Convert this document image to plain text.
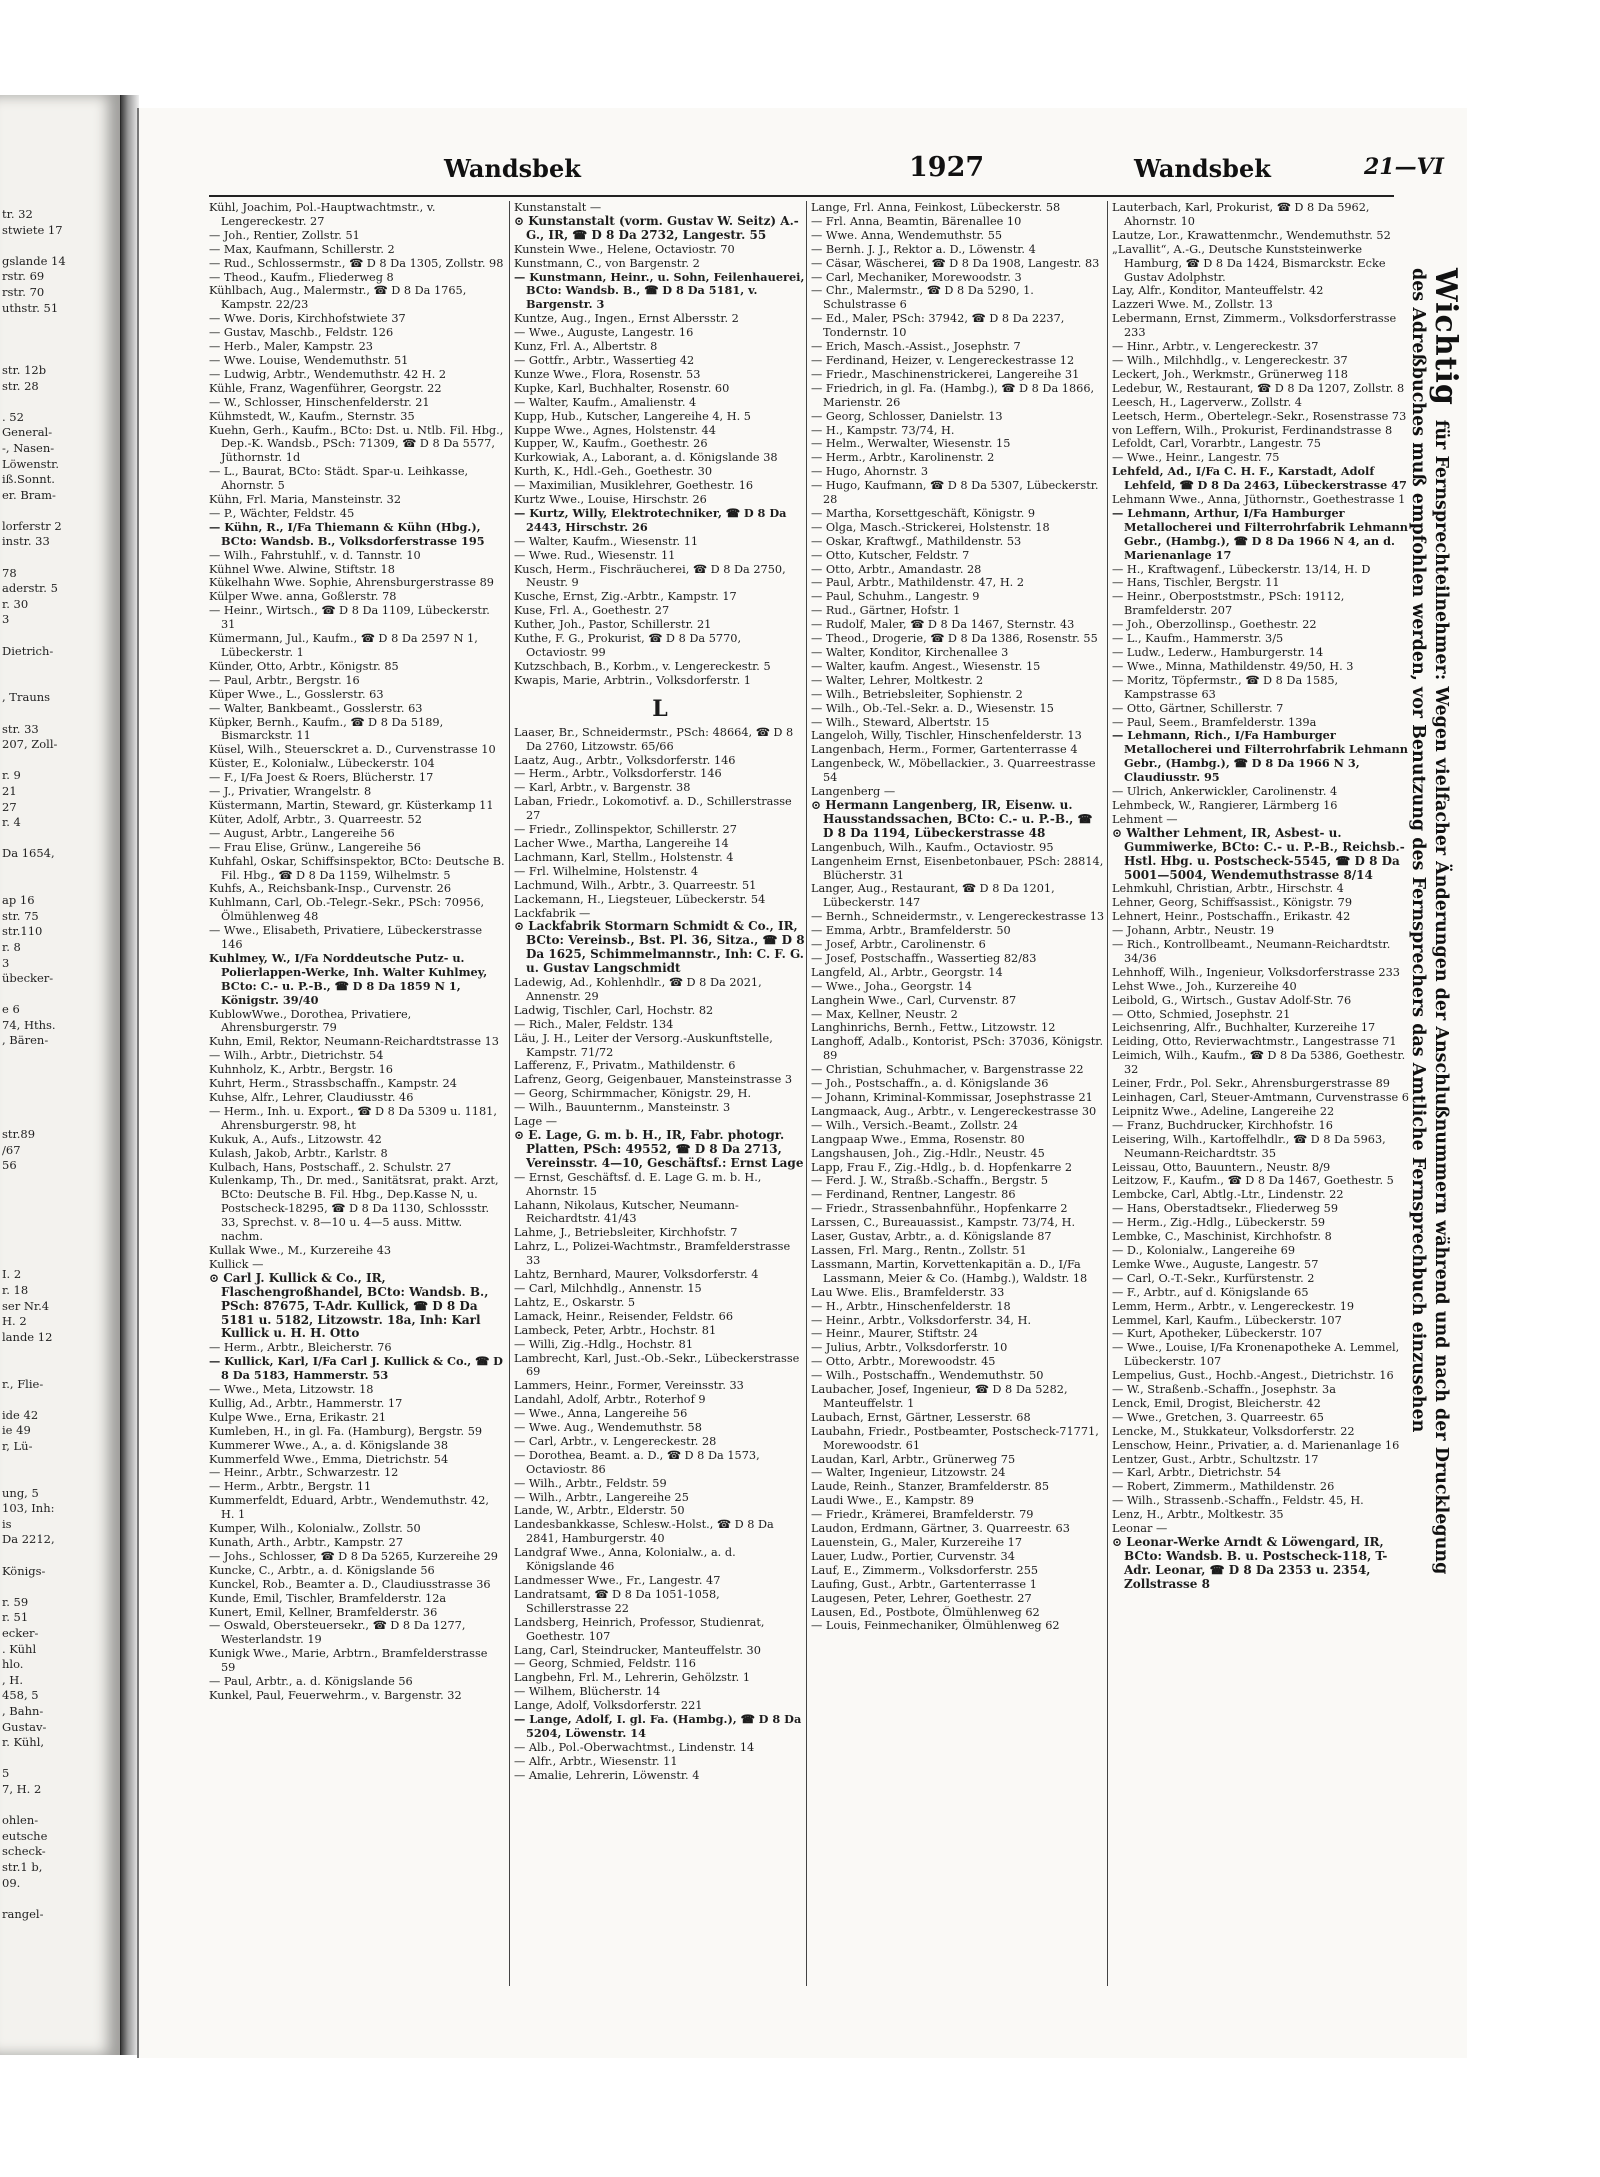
tr. 32
stwiete 17

gslande 14
rstr. 69
rstr. 70
uthstr. 51

str. 12b
str. 28

. 52
General-
-, Nasen-
Löwenstr.
iß.Sonnt.
er. Bram-

lorferstr 2
instr. 33

78
aderstr. 5
r. 30
3

Dietrich-

, Trauns

str. 33
207, Zoll-

r. 9
21
27
r. 4

Da 1654,

ap 16
str. 75
str.110
r. 8
3
übecker-

e 6
74, Hths.
, Bären-

str.89
/67
56

I. 2
r. 18
ser Nr.4
H. 2
lande 12

r., Flie-

ide 42
ie 49
r, Lü-

ung, 5
103, Inh:
is
Da 2212,

Königs-

r. 59
r. 51
ecker-
. Kühl
hlo.
, H.
458, 5
, Bahn-
Gustav-
r. Kühl,

5
7, H. 2

ohlen-
eutsche
scheck-
str.1 b,
09.

rangel-
Wandsbek	1927	Wandsbek	21—VI
Kühl, Joachim, Pol.-Hauptwachtmstr., v. Lengereckestr. 27
— Joh., Rentier, Zollstr. 51
— Max, Kaufmann, Schillerstr. 2
— Rud., Schlossermstr., ☎ D 8 Da 1305, Zollstr. 98
— Theod., Kaufm., Fliederweg 8
Kühlbach, Aug., Malermstr., ☎ D 8 Da 1765, Kampstr. 22/23
— Wwe. Doris, Kirchhofstwiete 37
— Gustav, Maschb., Feldstr. 126
— Herb., Maler, Kampstr. 23
— Wwe. Louise, Wendemuthstr. 51
— Ludwig, Arbtr., Wendemuthstr. 42 H. 2
Kühle, Franz, Wagenführer, Georgstr. 22
— W., Schlosser, Hinschenfelderstr. 21
Kühmstedt, W., Kaufm., Sternstr. 35
Kuehn, Gerh., Kaufm., BCto: Dst. u. Ntlb. Fil. Hbg., Dep.-K. Wandsb., PSch: 71309, ☎ D 8 Da 5577, Jüthornstr. 1d
— L., Baurat, BCto: Städt. Spar-u. Leihkasse, Ahornstr. 5
Kühn, Frl. Maria, Mansteinstr. 32
— P., Wächter, Feldstr. 45
— Kühn, R., I/Fa Thiemann & Kühn (Hbg.), BCto: Wandsb. B., Volksdorferstrasse 195
— Wilh., Fahrstuhlf., v. d. Tannstr. 10
Kühnel Wwe. Alwine, Stiftstr. 18
Kükelhahn Wwe. Sophie, Ahrensburgerstrasse 89
Külper Wwe. anna, Goßlerstr. 78
— Heinr., Wirtsch., ☎ D 8 Da 1109, Lübeckerstr. 31
Kümermann, Jul., Kaufm., ☎ D 8 Da 2597 N 1, Lübeckerstr. 1
Künder, Otto, Arbtr., Königstr. 85
— Paul, Arbtr., Bergstr. 16
Küper Wwe., L., Gosslerstr. 63
— Walter, Bankbeamt., Gosslerstr. 63
Küpker, Bernh., Kaufm., ☎ D 8 Da 5189, Bismarckstr. 11
Küsel, Wilh., Steuersckret a. D., Curvenstrasse 10
Küster, E., Kolonialw., Lübeckerstr. 104
— F., I/Fa Joest & Roers, Blücherstr. 17
— J., Privatier, Wrangelstr. 8
Küstermann, Martin, Steward, gr. Küsterkamp 11
Küter, Adolf, Arbtr., 3. Quarreestr. 52
— August, Arbtr., Langereihe 56
— Frau Elise, Grünw., Langereihe 56
Kuhfahl, Oskar, Schiffsinspektor, BCto: Deutsche B. Fil. Hbg., ☎ D 8 Da 1159, Wilhelmstr. 5
Kuhfs, A., Reichsbank-Insp., Curvenstr. 26
Kuhlmann, Carl, Ob.-Telegr.-Sekr., PSch: 70956, Ölmühlenweg 48
— Wwe., Elisabeth, Privatiere, Lübeckerstrasse 146
Kuhlmey, W., I/Fa Norddeutsche Putz- u. Polierlappen-Werke, Inh. Walter Kuhlmey, BCto: C.- u. P.-B., ☎ D 8 Da 1859 N 1, Königstr. 39/40
KublowWwe., Dorothea, Privatiere, Ahrensburgerstr. 79
Kuhn, Emil, Rektor, Neumann-Reichardtstrasse 13
— Wilh., Arbtr., Dietrichstr. 54
Kuhnholz, K., Arbtr., Bergstr. 16
Kuhrt, Herm., Strassbschaffn., Kampstr. 24
Kuhse, Alfr., Lehrer, Claudiusstr. 46
— Herm., Inh. u. Export., ☎ D 8 Da 5309 u. 1181, Ahrensburgerstr. 98, ht
Kukuk, A., Aufs., Litzowstr. 42
Kulash, Jakob, Arbtr., Karlstr. 8
Kulbach, Hans, Postschaff., 2. Schulstr. 27
Kulenkamp, Th., Dr. med., Sanitätsrat, prakt. Arzt, BCto: Deutsche B. Fil. Hbg., Dep.Kasse N, u. Postscheck-18295, ☎ D 8 Da 1130, Schlossstr. 33, Sprechst. v. 8—10 u. 4—5 auss. Mittw. nachm.
Kullak Wwe., M., Kurzereihe 43
Kullick —
⊙ Carl J. Kullick & Co., IR, Flaschengroßhandel, BCto: Wandsb. B., PSch: 87675, T-Adr. Kullick, ☎ D 8 Da 5181 u. 5182, Litzowstr. 18a, Inh: Karl Kullick u. H. H. Otto
— Herm., Arbtr., Bleicherstr. 76
— Kullick, Karl, I/Fa Carl J. Kullick & Co., ☎ D 8 Da 5183, Hammerstr. 53
— Wwe., Meta, Litzowstr. 18
Kullig, Ad., Arbtr., Hammerstr. 17
Kulpe Wwe., Erna, Erikastr. 21
Kumleben, H., in gl. Fa. (Hamburg), Bergstr. 59
Kummerer Wwe., A., a. d. Königslande 38
Kummerfeld Wwe., Emma, Dietrichstr. 54
— Heinr., Arbtr., Schwarzestr. 12
— Herm., Arbtr., Bergstr. 11
Kummerfeldt, Eduard, Arbtr., Wendemuthstr. 42, H. 1
Kumper, Wilh., Kolonialw., Zollstr. 50
Kunath, Arth., Arbtr., Kampstr. 27
— Johs., Schlosser, ☎ D 8 Da 5265, Kurzereihe 29
Kuncke, C., Arbtr., a. d. Königslande 56
Kunckel, Rob., Beamter a. D., Claudiusstrasse 36
Kunde, Emil, Tischler, Bramfelderstr. 12a
Kunert, Emil, Kellner, Bramfelderstr. 36
— Oswald, Obersteuersekr., ☎ D 8 Da 1277, Westerlandstr. 19
Kunigk Wwe., Marie, Arbtrn., Bramfelderstrasse 59
— Paul, Arbtr., a. d. Königslande 56
Kunkel, Paul, Feuerwehrm., v. Bargenstr. 32
Kunstanstalt —
⊙ Kunstanstalt (vorm. Gustav W. Seitz) A.-G., IR, ☎ D 8 Da 2732, Langestr. 55
Kunstein Wwe., Helene, Octaviostr. 70
Kunstmann, C., von Bargenstr. 2
— Kunstmann, Heinr., u. Sohn, Feilenhauerei, BCto: Wandsb. B., ☎ D 8 Da 5181, v. Bargenstr. 3
Kuntze, Aug., Ingen., Ernst Albersstr. 2
— Wwe., Auguste, Langestr. 16
Kunz, Frl. A., Albertstr. 8
— Gottfr., Arbtr., Wassertieg 42
Kunze Wwe., Flora, Rosenstr. 53
Kupke, Karl, Buchhalter, Rosenstr. 60
— Walter, Kaufm., Amalienstr. 4
Kupp, Hub., Kutscher, Langereihe 4, H. 5
Kuppe Wwe., Agnes, Holstenstr. 44
Kupper, W., Kaufm., Goethestr. 26
Kurkowiak, A., Laborant, a. d. Königslande 38
Kurth, K., Hdl.-Geh., Goethestr. 30
— Maximilian, Musiklehrer, Goethestr. 16
Kurtz Wwe., Louise, Hirschstr. 26
— Kurtz, Willy, Elektrotechniker, ☎ D 8 Da 2443, Hirschstr. 26
— Walter, Kaufm., Wiesenstr. 11
— Wwe. Rud., Wiesenstr. 11
Kusch, Herm., Fischräucherei, ☎ D 8 Da 2750, Neustr. 9
Kusche, Ernst, Zig.-Arbtr., Kampstr. 17
Kuse, Frl. A., Goethestr. 27
Kuther, Joh., Pastor, Schillerstr. 21
Kuthe, F. G., Prokurist, ☎ D 8 Da 5770, Octaviostr. 99
Kutzschbach, B., Korbm., v. Lengereckestr. 5
Kwapis, Marie, Arbtrin., Volksdorferstr. 1
L
Laaser, Br., Schneidermstr., PSch: 48664, ☎ D 8 Da 2760, Litzowstr. 65/66
Laatz, Aug., Arbtr., Volksdorferstr. 146
— Herm., Arbtr., Volksdorferstr. 146
— Karl, Arbtr., v. Bargenstr. 38
Laban, Friedr., Lokomotivf. a. D., Schillerstrasse 27
— Friedr., Zollinspektor, Schillerstr. 27
Lacher Wwe., Martha, Langereihe 14
Lachmann, Karl, Stellm., Holstenstr. 4
— Frl. Wilhelmine, Holstenstr. 4
Lachmund, Wilh., Arbtr., 3. Quarreestr. 51
Lackemann, H., Liegsteuer, Lübeckerstr. 54
Lackfabrik —
⊙ Lackfabrik Stormarn Schmidt & Co., IR, BCto: Vereinsb., Bst. Pl. 36, Sitza., ☎ D 8 Da 1625, Schimmelmannstr., Inh: C. F. G. u. Gustav Langschmidt
Ladewig, Ad., Kohlenhdlr., ☎ D 8 Da 2021, Annenstr. 29
Ladwig, Tischler, Carl, Hochstr. 82
— Rich., Maler, Feldstr. 134
Läu, J. H., Leiter der Versorg.-Auskunftstelle, Kampstr. 71/72
Lafferenz, F., Privatm., Mathildenstr. 6
Lafrenz, Georg, Geigenbauer, Mansteinstrasse 3
— Georg, Schirmmacher, Königstr. 29, H.
— Wilh., Bauunternm., Mansteinstr. 3
Lage —
⊙ E. Lage, G. m. b. H., IR, Fabr. photogr. Platten, PSch: 49552, ☎ D 8 Da 2713, Vereinsstr. 4—10, Geschäftsf.: Ernst Lage
— Ernst, Geschäftsf. d. E. Lage G. m. b. H., Ahornstr. 15
Lahann, Nikolaus, Kutscher, Neumann-Reichardtstr. 41/43
Lahme, J., Betriebsleiter, Kirchhofstr. 7
Lahrz, L., Polizei-Wachtmstr., Bramfelderstrasse 33
Lahtz, Bernhard, Maurer, Volksdorferstr. 4
— Carl, Milchhdlg., Annenstr. 15
Lahtz, E., Oskarstr. 5
Lamack, Heinr., Reisender, Feldstr. 66
Lambeck, Peter, Arbtr., Hochstr. 81
— Willi, Zig.-Hdlg., Hochstr. 81
Lambrecht, Karl, Just.-Ob.-Sekr., Lübeckerstrasse 69
Lammers, Heinr., Former, Vereinsstr. 33
Landahl, Adolf, Arbtr., Roterhof 9
— Wwe., Anna, Langereihe 56
— Wwe. Aug., Wendemuthstr. 58
— Carl, Arbtr., v. Lengereckestr. 28
— Dorothea, Beamt. a. D., ☎ D 8 Da 1573, Octaviostr. 86
— Wilh., Arbtr., Feldstr. 59
— Wilh., Arbtr., Langereihe 25
Lande, W., Arbtr., Elderstr. 50
Landesbankkasse, Schlesw.-Holst., ☎ D 8 Da 2841, Hamburgerstr. 40
Landgraf Wwe., Anna, Kolonialw., a. d. Königslande 46
Landmesser Wwe., Fr., Langestr. 47
Landratsamt, ☎ D 8 Da 1051-1058, Schillerstrasse 22
Landsberg, Heinrich, Professor, Studienrat, Goethestr. 107
Lang, Carl, Steindrucker, Manteuffelstr. 30
— Georg, Schmied, Feldstr. 116
Langbehn, Frl. M., Lehrerin, Gehölzstr. 1
— Wilhem, Blücherstr. 14
Lange, Adolf, Volksdorferstr. 221
— Lange, Adolf, I. gl. Fa. (Hambg.), ☎ D 8 Da 5204, Löwenstr. 14
— Alb., Pol.-Oberwachtmst., Lindenstr. 14
— Alfr., Arbtr., Wiesenstr. 11
— Amalie, Lehrerin, Löwenstr. 4
Lange, Frl. Anna, Feinkost, Lübeckerstr. 58
— Frl. Anna, Beamtin, Bärenallee 10
— Wwe. Anna, Wendemuthstr. 55
— Bernh. J. J., Rektor a. D., Löwenstr. 4
— Cäsar, Wäscherei, ☎ D 8 Da 1908, Langestr. 83
— Carl, Mechaniker, Morewoodstr. 3
— Chr., Malermstr., ☎ D 8 Da 5290, 1. Schulstrasse 6
— Ed., Maler, PSch: 37942, ☎ D 8 Da 2237, Tondernstr. 10
— Erich, Masch.-Assist., Josephstr. 7
— Ferdinand, Heizer, v. Lengereckestrasse 12
— Friedr., Maschinenstrickerei, Langereihe 31
— Friedrich, in gl. Fa. (Hambg.), ☎ D 8 Da 1866, Marienstr. 26
— Georg, Schlosser, Danielstr. 13
— H., Kampstr. 73/74, H.
— Helm., Werwalter, Wiesenstr. 15
— Herm., Arbtr., Karolinenstr. 2
— Hugo, Ahornstr. 3
— Hugo, Kaufmann, ☎ D 8 Da 5307, Lübeckerstr. 28
— Martha, Korsettgeschäft, Königstr. 9
— Olga, Masch.-Strickerei, Holstenstr. 18
— Oskar, Kraftwgf., Mathildenstr. 53
— Otto, Kutscher, Feldstr. 7
— Otto, Arbtr., Amandastr. 28
— Paul, Arbtr., Mathildenstr. 47, H. 2
— Paul, Schuhm., Langestr. 9
— Rud., Gärtner, Hofstr. 1
— Rudolf, Maler, ☎ D 8 Da 1467, Sternstr. 43
— Theod., Drogerie, ☎ D 8 Da 1386, Rosenstr. 55
— Walter, Konditor, Kirchenallee 3
— Walter, kaufm. Angest., Wiesenstr. 15
— Walter, Lehrer, Moltkestr. 2
— Wilh., Betriebsleiter, Sophienstr. 2
— Wilh., Ob.-Tel.-Sekr. a. D., Wiesenstr. 15
— Wilh., Steward, Albertstr. 15
Langeloh, Willy, Tischler, Hinschenfelderstr. 13
Langenbach, Herm., Former, Gartenterrasse 4
Langenbeck, W., Möbellackier., 3. Quarreestrasse 54
Langenberg —
⊙ Hermann Langenberg, IR, Eisenw. u. Hausstandssachen, BCto: C.- u. P.-B., ☎ D 8 Da 1194, Lübeckerstrasse 48
Langenbuch, Wilh., Kaufm., Octaviostr. 95
Langenheim Ernst, Eisenbetonbauer, PSch: 28814, Blücherstr. 31
Langer, Aug., Restaurant, ☎ D 8 Da 1201, Lübeckerstr. 147
— Bernh., Schneidermstr., v. Lengereckestrasse 13
— Emma, Arbtr., Bramfelderstr. 50
— Josef, Arbtr., Carolinenstr. 6
— Josef, Postschaffn., Wassertieg 82/83
Langfeld, Al., Arbtr., Georgstr. 14
— Wwe., Joha., Georgstr. 14
Langhein Wwe., Carl, Curvenstr. 87
— Max, Kellner, Neustr. 2
Langhinrichs, Bernh., Fettw., Litzowstr. 12
Langhoff, Adalb., Kontorist, PSch: 37036, Königstr. 89
— Christian, Schuhmacher, v. Bargenstrasse 22
— Joh., Postschaffn., a. d. Königslande 36
— Johann, Kriminal-Kommissar, Josephstrasse 21
Langmaack, Aug., Arbtr., v. Lengereckestrasse 30
— Wilh., Versich.-Beamt., Zollstr. 24
Langpaap Wwe., Emma, Rosenstr. 80
Langshausen, Joh., Zig.-Hdlr., Neustr. 45
Lapp, Frau F., Zig.-Hdlg., b. d. Hopfenkarre 2
— Ferd. J. W., Straßb.-Schaffn., Bergstr. 5
— Ferdinand, Rentner, Langestr. 86
— Friedr., Strassenbahnführ., Hopfenkarre 2
Larssen, C., Bureauassist., Kampstr. 73/74, H.
Laser, Gustav, Arbtr., a. d. Königslande 87
Lassen, Frl. Marg., Rentn., Zollstr. 51
Lassmann, Martin, Korvettenkapitän a. D., I/Fa Lassmann, Meier & Co. (Hambg.), Waldstr. 18
Lau Wwe. Elis., Bramfelderstr. 33
— H., Arbtr., Hinschenfelderstr. 18
— Heinr., Arbtr., Volksdorferstr. 34, H.
— Heinr., Maurer, Stiftstr. 24
— Julius, Arbtr., Volksdorferstr. 10
— Otto, Arbtr., Morewoodstr. 45
— Wilh., Postschaffn., Wendemuthstr. 50
Laubacher, Josef, Ingenieur, ☎ D 8 Da 5282, Manteuffelstr. 1
Laubach, Ernst, Gärtner, Lesserstr. 68
Laubahn, Friedr., Postbeamter, Postscheck-71771, Morewoodstr. 61
Laudan, Karl, Arbtr., Grünerweg 75
— Walter, Ingenieur, Litzowstr. 24
Laude, Reinh., Stanzer, Bramfelderstr. 85
Laudi Wwe., E., Kampstr. 89
— Friedr., Krämerei, Bramfelderstr. 79
Laudon, Erdmann, Gärtner, 3. Quarreestr. 63
Lauenstein, G., Maler, Kurzereihe 17
Lauer, Ludw., Portier, Curvenstr. 34
Lauf, E., Zimmerm., Volksdorferstr. 255
Laufing, Gust., Arbtr., Gartenterrasse 1
Laugesen, Peter, Lehrer, Goethestr. 27
Lausen, Ed., Postbote, Ölmühlenweg 62
— Louis, Feinmechaniker, Ölmühlenweg 62
Lauterbach, Karl, Prokurist, ☎ D 8 Da 5962, Ahornstr. 10
Lautze, Lor., Krawattenmchr., Wendemuthstr. 52
„Lavallit“, A.-G., Deutsche Kunststeinwerke Hamburg, ☎ D 8 Da 1424, Bismarckstr. Ecke Gustav Adolphstr.
Lay, Alfr., Konditor, Manteuffelstr. 42
Lazzeri Wwe. M., Zollstr. 13
Lebermann, Ernst, Zimmerm., Volksdorferstrasse 233
— Hinr., Arbtr., v. Lengereckestr. 37
— Wilh., Milchhdlg., v. Lengereckestr. 37
Leckert, Joh., Werkmstr., Grünerweg 118
Ledebur, W., Restaurant, ☎ D 8 Da 1207, Zollstr. 8
Leesch, H., Lagerverw., Zollstr. 4
Leetsch, Herm., Obertelegr.-Sekr., Rosenstrasse 73
von Leffern, Wilh., Prokurist, Ferdinandstrasse 8
Lefoldt, Carl, Vorarbtr., Langestr. 75
— Wwe., Heinr., Langestr. 75
Lehfeld, Ad., I/Fa C. H. F., Karstadt, Adolf Lehfeld, ☎ D 8 Da 2463, Lübeckerstrasse 47
Lehmann Wwe., Anna, Jüthornstr., Goethestrasse 1
— Lehmann, Arthur, I/Fa Hamburger Metallocherei und Filterrohrfabrik Lehmann Gebr., (Hambg.), ☎ D 8 Da 1966 N 4, an d. Marienanlage 17
— H., Kraftwagenf., Lübeckerstr. 13/14, H. D
— Hans, Tischler, Bergstr. 11
— Heinr., Oberpoststmstr., PSch: 19112, Bramfelderstr. 207
— Joh., Oberzollinsp., Goethestr. 22
— L., Kaufm., Hammerstr. 3/5
— Ludw., Lederw., Hamburgerstr. 14
— Wwe., Minna, Mathildenstr. 49/50, H. 3
— Moritz, Töpfermstr., ☎ D 8 Da 1585, Kampstrasse 63
— Otto, Gärtner, Schillerstr. 7
— Paul, Seem., Bramfelderstr. 139a
— Lehmann, Rich., I/Fa Hamburger Metallocherei und Filterrohrfabrik Lehmann Gebr., (Hambg.), ☎ D 8 Da 1966 N 3, Claudiusstr. 95
— Ulrich, Ankerwickler, Carolinenstr. 4
Lehmbeck, W., Rangierer, Lärmberg 16
Lehment —
⊙ Walther Lehment, IR, Asbest- u. Gummiwerke, BCto: C.- u. P.-B., Reichsb.-Hstl. Hbg. u. Postscheck-5545, ☎ D 8 Da 5001—5004, Wendemuthstrasse 8/14
Lehmkuhl, Christian, Arbtr., Hirschstr. 4
Lehner, Georg, Schiffsassist., Königstr. 79
Lehnert, Heinr., Postschaffn., Erikastr. 42
— Johann, Arbtr., Neustr. 19
— Rich., Kontrollbeamt., Neumann-Reichardtstr. 34/36
Lehnhoff, Wilh., Ingenieur, Volksdorferstrasse 233
Lehst Wwe., Joh., Kurzereihe 40
Leibold, G., Wirtsch., Gustav Adolf-Str. 76
— Otto, Schmied, Josephstr. 21
Leichsenring, Alfr., Buchhalter, Kurzereihe 17
Leiding, Otto, Revierwachtmstr., Langestrasse 71
Leimich, Wilh., Kaufm., ☎ D 8 Da 5386, Goethestr. 32
Leiner, Frdr., Pol. Sekr., Ahrensburgerstrasse 89
Leinhagen, Carl, Steuer-Amtmann, Curvenstrasse 6
Leipnitz Wwe., Adeline, Langereihe 22
— Franz, Buchdrucker, Kirchhofstr. 16
Leisering, Wilh., Kartoffelhdlr., ☎ D 8 Da 5963, Neumann-Reichardtstr. 35
Leissau, Otto, Bauuntern., Neustr. 8/9
Leitzow, F., Kaufm., ☎ D 8 Da 1467, Goethestr. 5
Lembcke, Carl, Abtlg.-Ltr., Lindenstr. 22
— Hans, Oberstadtsekr., Fliederweg 59
— Herm., Zig.-Hdlg., Lübeckerstr. 59
Lembke, C., Maschinist, Kirchhofstr. 8
— D., Kolonialw., Langereihe 69
Lemke Wwe., Auguste, Langestr. 57
— Carl, O.-T.-Sekr., Kurfürstenstr. 2
— F., Arbtr., auf d. Königslande 65
Lemm, Herm., Arbtr., v. Lengereckestr. 19
Lemmel, Karl, Kaufm., Lübeckerstr. 107
— Kurt, Apotheker, Lübeckerstr. 107
— Wwe., Louise, I/Fa Kronenapotheke A. Lemmel, Lübeckerstr. 107
Lempelius, Gust., Hochb.-Angest., Dietrichstr. 16
— W., Straßenb.-Schaffn., Josephstr. 3a
Lenck, Emil, Drogist, Bleicherstr. 42
— Wwe., Gretchen, 3. Quarreestr. 65
Lencke, M., Stukkateur, Volksdorferstr. 22
Lenschow, Heinr., Privatier, a. d. Marienanlage 16
Lentzer, Gust., Arbtr., Schultzstr. 17
— Karl, Arbtr., Dietrichstr. 54
— Robert, Zimmerm., Mathildenstr. 26
— Wilh., Strassenb.-Schaffn., Feldstr. 45, H.
Lenz, H., Arbtr., Moltkestr. 35
Leonar —
⊙ Leonar-Werke Arndt & Löwengard, IR, BCto: Wandsb. B. u. Postscheck-118, T-Adr. Leonar, ☎ D 8 Da 2353 u. 2354, Zollstrasse 8
Wichtigfür Fernsprechteilnehmer: Wegen vielfacher Änderungen der Anschlußnummern während und nach der Drucklegung
des Adreßbuches muß empfohlen werden, vor Benutzung des Fernsprechers das Amtliche Fernsprechbuch einzusehen
